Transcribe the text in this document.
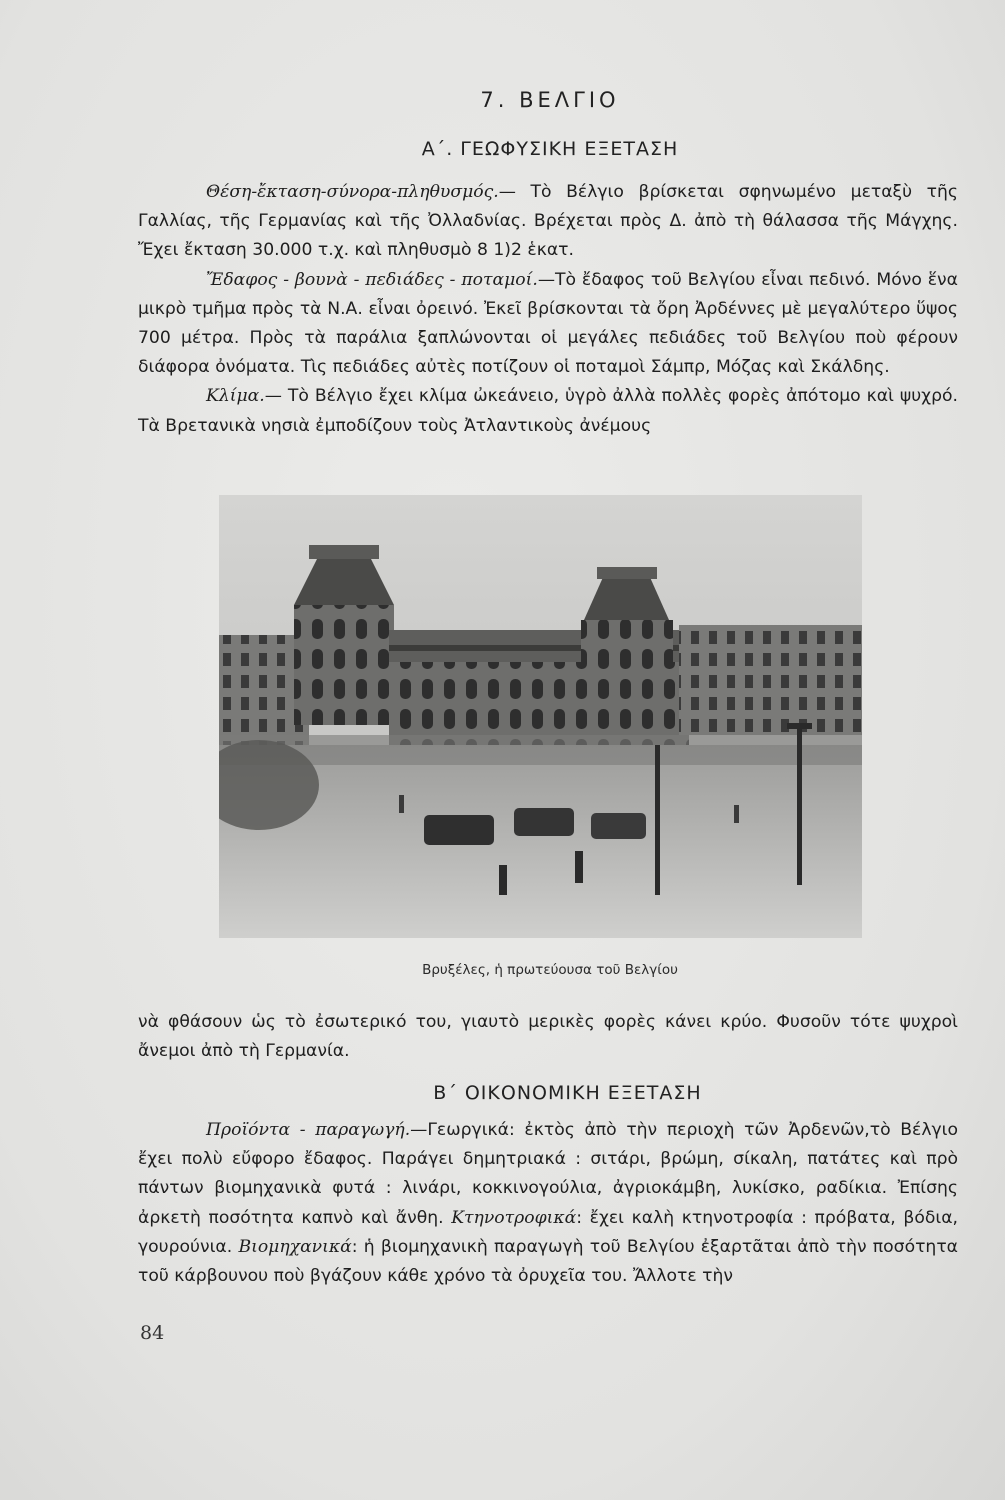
7. ΒΕΛΓΙΟ
Α΄. ΓΕΩΦΥΣΙΚΗ ΕΞΕΤΑΣΗ

Θέση-ἔκταση-σύνορα-πληθυσμός.— Τὸ Βέλγιο βρίσκεται σφηνωμένο μεταξὺ τῆς Γαλλίας, τῆς Γερμανίας καὶ τῆς Ὀλλαδνίας. Βρέχεται πρὸς Δ. ἀπὸ τὴ θάλασσα τῆς Μάγχης. Ἔχει ἔκταση 30.000 τ.χ. καὶ πληθυσμὸ 8 1)2 ἑκατ.

Ἔδαφος - βουνὰ - πεδιάδες - ποταμοί.—Τὸ ἔδαφος τοῦ Βελγίου εἶναι πεδινό. Μόνο ἕνα μικρὸ τμῆμα πρὸς τὰ Ν.Α. εἶναι ὀρεινό. Ἐκεῖ βρίσκονται τὰ ὄρη Ἀρδέννες μὲ μεγαλύτερο ὕψος 700 μέτρα. Πρὸς τὰ παράλια ξαπλώνονται οἱ μεγάλες πεδιάδες τοῦ Βελγίου ποὺ φέρουν διάφορα ὀνόματα. Τὶς πεδιάδες αὐτὲς ποτίζουν οἱ ποταμοὶ Σάμπρ, Μόζας καὶ Σκάλδης.

Κλίμα.— Τὸ Βέλγιο ἔχει κλίμα ὠκεάνειο, ὑγρὸ ἀλλὰ πολλὲς φορὲς ἀπότομο καὶ ψυχρό. Τὰ Βρετανικὰ νησιὰ ἐμποδίζουν τοὺς Ἀτλαντικοὺς ἀνέμους

Βρυξέλες, ἡ πρωτεύουσα τοῦ Βελγίου

νὰ φθάσουν ὡς τὸ ἐσωτερικό του, γιαυτὸ μερικὲς φορὲς κάνει κρύο. Φυσοῦν τότε ψυχροὶ ἄνεμοι ἀπὸ τὴ Γερμανία.

Β΄ ΟΙΚΟΝΟΜΙΚΗ ΕΞΕΤΑΣΗ

Προϊόντα - παραγωγή.—Γεωργικά: ἐκτὸς ἀπὸ τὴν περιοχὴ τῶν Ἀρδενῶν,τὸ Βέλγιο ἔχει πολὺ εὔφορο ἔδαφος. Παράγει δημητριακά : σιτάρι, βρώμη, σίκαλη, πατάτες καὶ πρὸ πάντων βιομηχανικὰ φυτά : λινάρι, κοκκινογούλια, ἀγριοκάμβη, λυκίσκο, ραδίκια. Ἐπίσης ἀρκετὴ ποσότητα καπνὸ καὶ ἄνθη. Κτηνοτροφικά: ἔχει καλὴ κτηνοτροφία : πρόβατα, βόδια, γουρούνια. Βιομηχανικά: ἡ βιομηχανικὴ παραγωγὴ τοῦ Βελγίου ἐξαρτᾶται ἀπὸ τὴν ποσότητα τοῦ κάρβουνου ποὺ βγάζουν κάθε χρόνο τὰ ὀρυχεῖα του. Ἄλλοτε τὴν

84
